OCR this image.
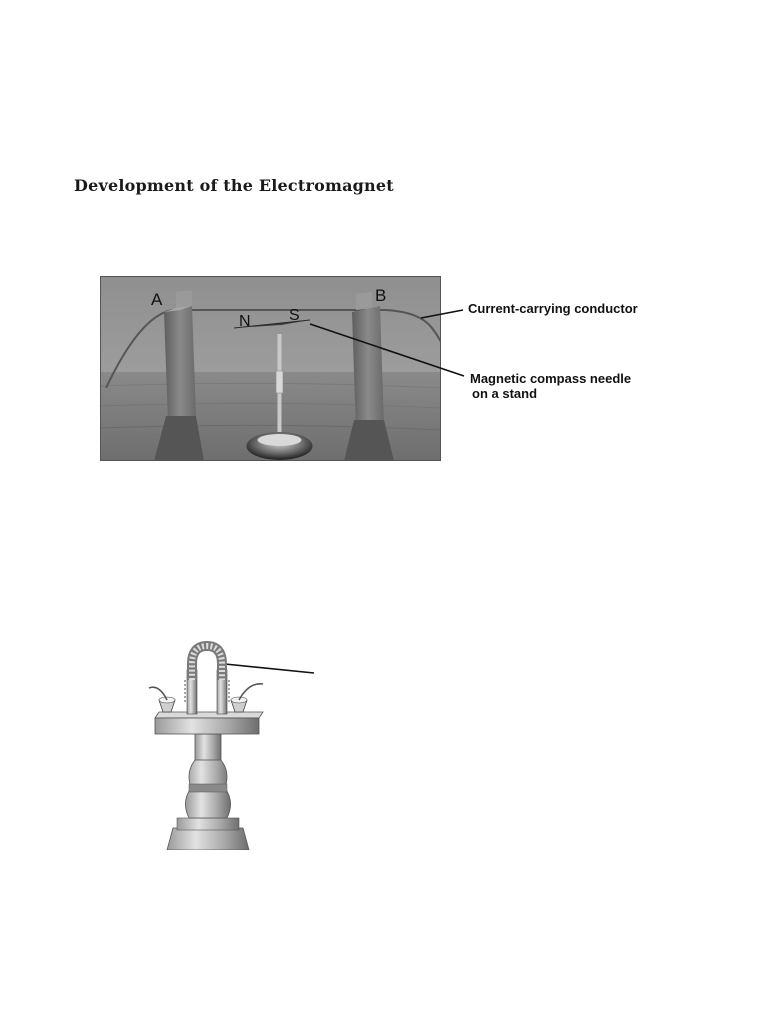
Development of the Electromagnet
A	B
N S	Current-carrying conductor
Magnetic compass needle
on a stand
